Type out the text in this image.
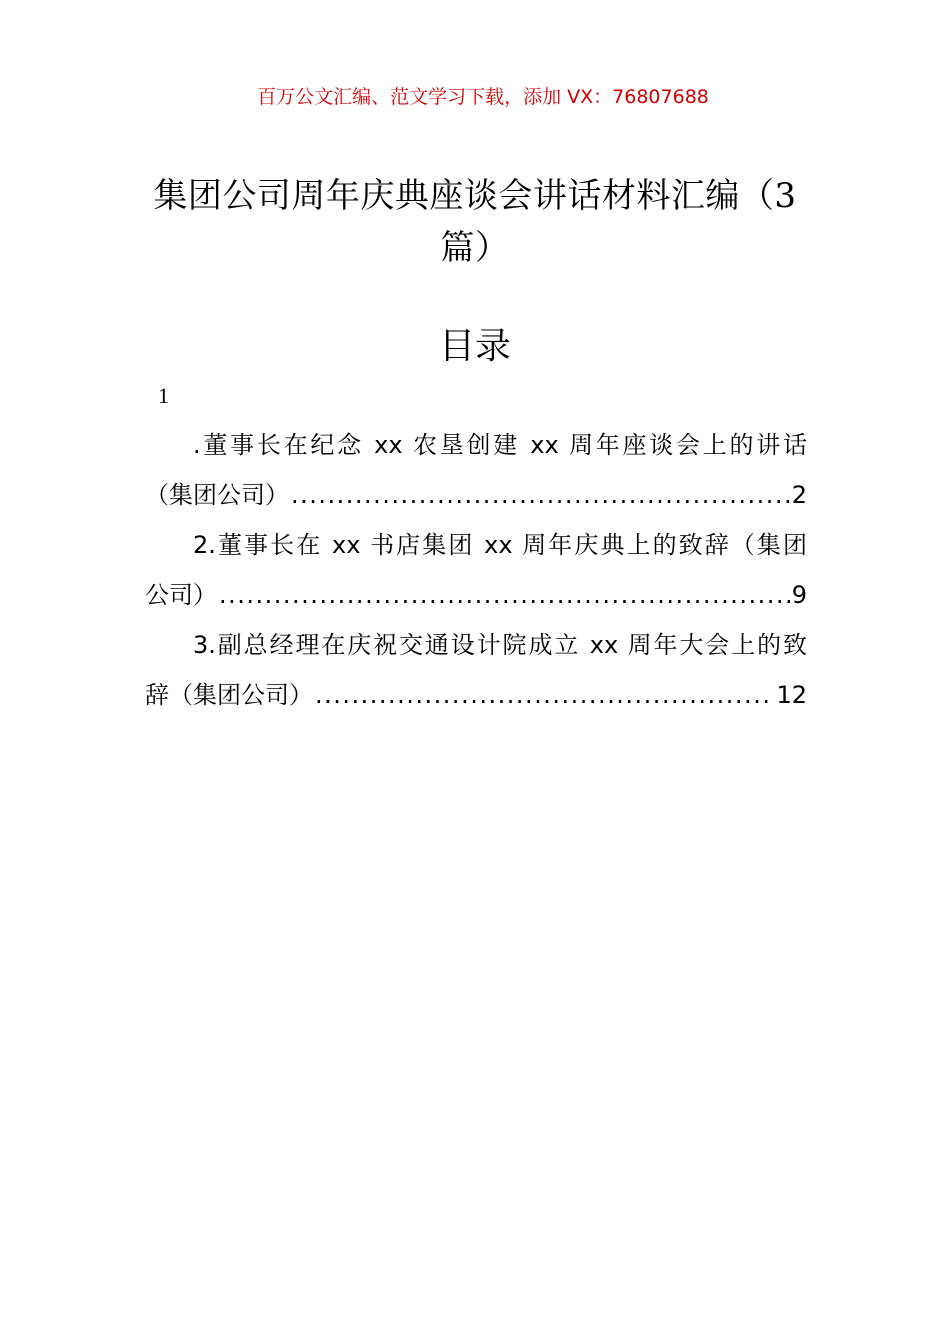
百万公文汇编、范文学习下载，添加 VX：76807688
集团公司周年庆典座谈会讲话材料汇编（3
篇）
目录
1
.董事长在纪念 xx 农垦创建 xx 周年座谈会上的讲话
（集团公司） .....	2
2.董事长在 xx 书店集团 xx 周年庆典上的致辞（集团
公司） .....	9
3.副总经理在庆祝交通设计院成立 xx 周年大会上的致
辞（集团公司） .....	12
